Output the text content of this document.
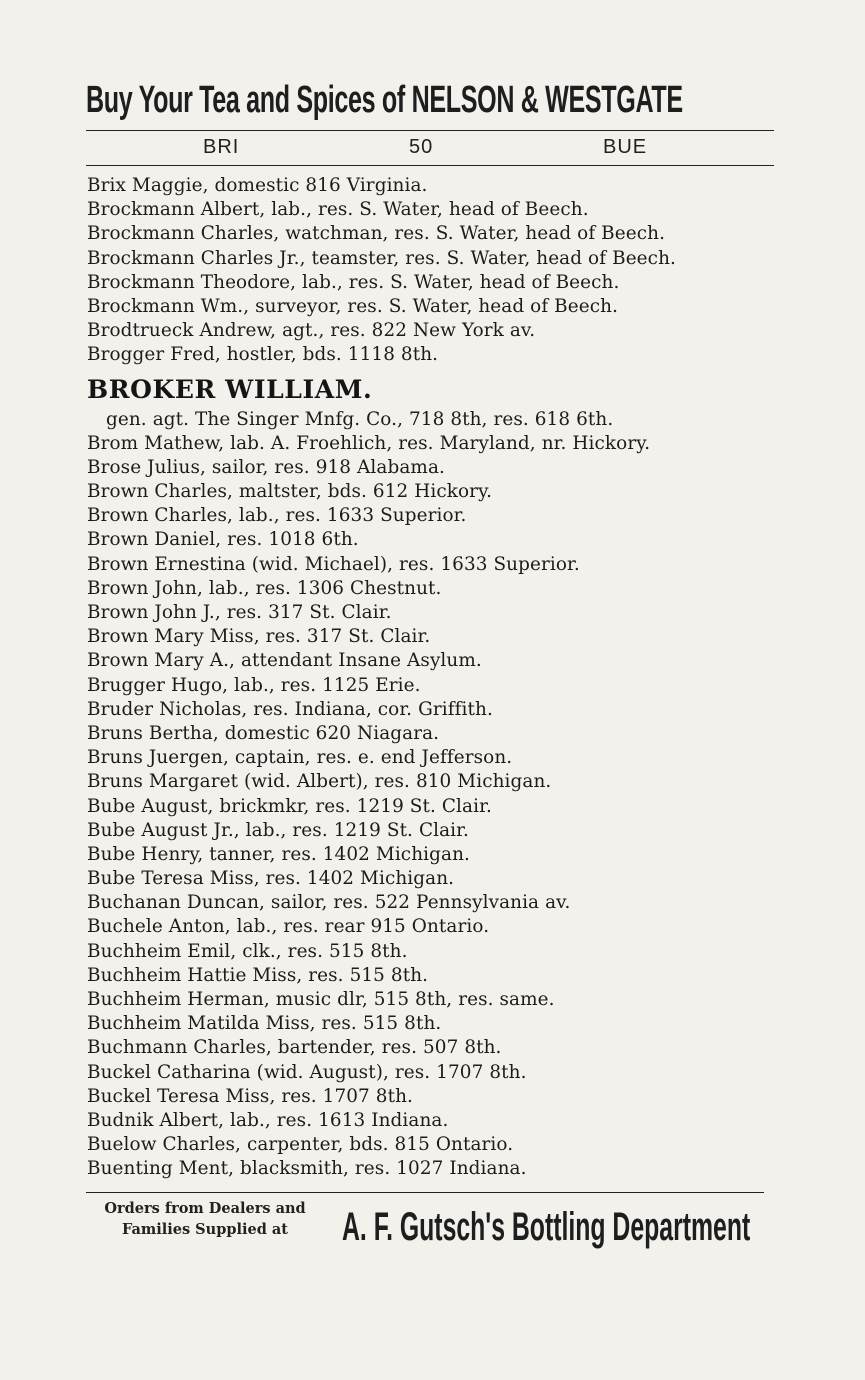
Buy Your Tea and Spices of NELSON & WESTGATE
BRI	50	BUE
Brix Maggie, domestic 816 Virginia.
Brockmann Albert, lab., res. S. Water, head of Beech.
Brockmann Charles, watchman, res. S. Water, head of Beech.
Brockmann Charles Jr., teamster, res. S. Water, head of Beech.
Brockmann Theodore, lab., res. S. Water, head of Beech.
Brockmann Wm., surveyor, res. S. Water, head of Beech.
Brodtrueck Andrew, agt., res. 822 New York av.
Brogger Fred, hostler, bds. 1118 8th.
BROKER WILLIAM.
gen. agt. The Singer Mnfg. Co., 718 8th, res. 618 6th.
Brom Mathew, lab. A. Froehlich, res. Maryland, nr. Hickory.
Brose Julius, sailor, res. 918 Alabama.
Brown Charles, maltster, bds. 612 Hickory.
Brown Charles, lab., res. 1633 Superior.
Brown Daniel, res. 1018 6th.
Brown Ernestina (wid. Michael), res. 1633 Superior.
Brown John, lab., res. 1306 Chestnut.
Brown John J., res. 317 St. Clair.
Brown Mary Miss, res. 317 St. Clair.
Brown Mary A., attendant Insane Asylum.
Brugger Hugo, lab., res. 1125 Erie.
Bruder Nicholas, res. Indiana, cor. Griffith.
Bruns Bertha, domestic 620 Niagara.
Bruns Juergen, captain, res. e. end Jefferson.
Bruns Margaret (wid. Albert), res. 810 Michigan.
Bube August, brickmkr, res. 1219 St. Clair.
Bube August Jr., lab., res. 1219 St. Clair.
Bube Henry, tanner, res. 1402 Michigan.
Bube Teresa Miss, res. 1402 Michigan.
Buchanan Duncan, sailor, res. 522 Pennsylvania av.
Buchele Anton, lab., res. rear 915 Ontario.
Buchheim Emil, clk., res. 515 8th.
Buchheim Hattie Miss, res. 515 8th.
Buchheim Herman, music dlr, 515 8th, res. same.
Buchheim Matilda Miss, res. 515 8th.
Buchmann Charles, bartender, res. 507 8th.
Buckel Catharina (wid. August), res. 1707 8th.
Buckel Teresa Miss, res. 1707 8th.
Budnik Albert, lab., res. 1613 Indiana.
Buelow Charles, carpenter, bds. 815 Ontario.
Buenting Ment, blacksmith, res. 1027 Indiana.
Orders from Dealers and
Families Supplied at	A. F. Gutsch's Bottling Department
